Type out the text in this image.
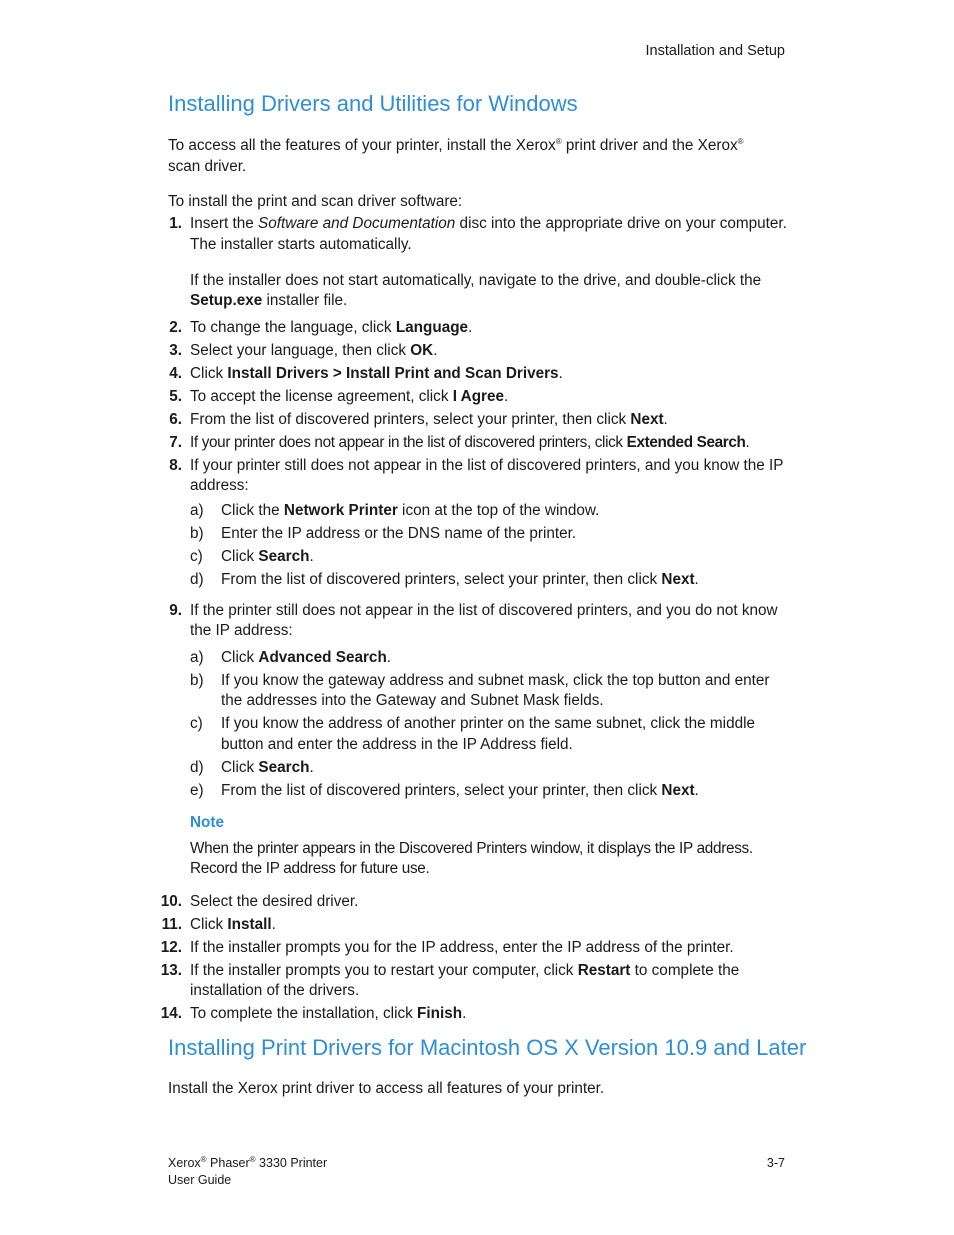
Installation and Setup
Installing Drivers and Utilities for Windows

To access all the features of your printer, install the Xerox® print driver and the Xerox®
scan driver.

To install the print and scan driver software:

1. Insert the Software and Documentation disc into the appropriate drive on your computer. The installer starts automatically.

If the installer does not start automatically, navigate to the drive, and double-click the Setup.exe installer file.

2. To change the language, click Language.
3. Select your language, then click OK.
4. Click Install Drivers > Install Print and Scan Drivers.
5. To accept the license agreement, click I Agree.
6. From the list of discovered printers, select your printer, then click Next.
7. If your printer does not appear in the list of discovered printers, click Extended Search.
8. If your printer still does not appear in the list of discovered printers, and you know the IP address:

a)	Click the Network Printer icon at the top of the window.
b)	Enter the IP address or the DNS name of the printer.
c)	Click Search.
d)	From the list of discovered printers, select your printer, then click Next.
9. If the printer still does not appear in the list of discovered printers, and you do not know the IP address:

a)	Click Advanced Search.
b)	If you know the gateway address and subnet mask, click the top button and enter the addresses into the Gateway and Subnet Mask fields.
c)	If you know the address of another printer on the same subnet, click the middle button and enter the address in the IP Address field.
d)	Click Search.
e)	From the list of discovered printers, select your printer, then click Next.
Note
When the printer appears in the Discovered Printers window, it displays the IP address. Record the IP address for future use.
10. Select the desired driver.
11. Click Install.
12. If the installer prompts you for the IP address, enter the IP address of the printer.
13. If the installer prompts you to restart your computer, click Restart to complete the installation of the drivers.
14. To complete the installation, click Finish.
Installing Print Drivers for Macintosh OS X Version 10.9 and Later

Install the Xerox print driver to access all features of your printer.

Xerox® Phaser® 3330 Printer
User Guide
3-7
